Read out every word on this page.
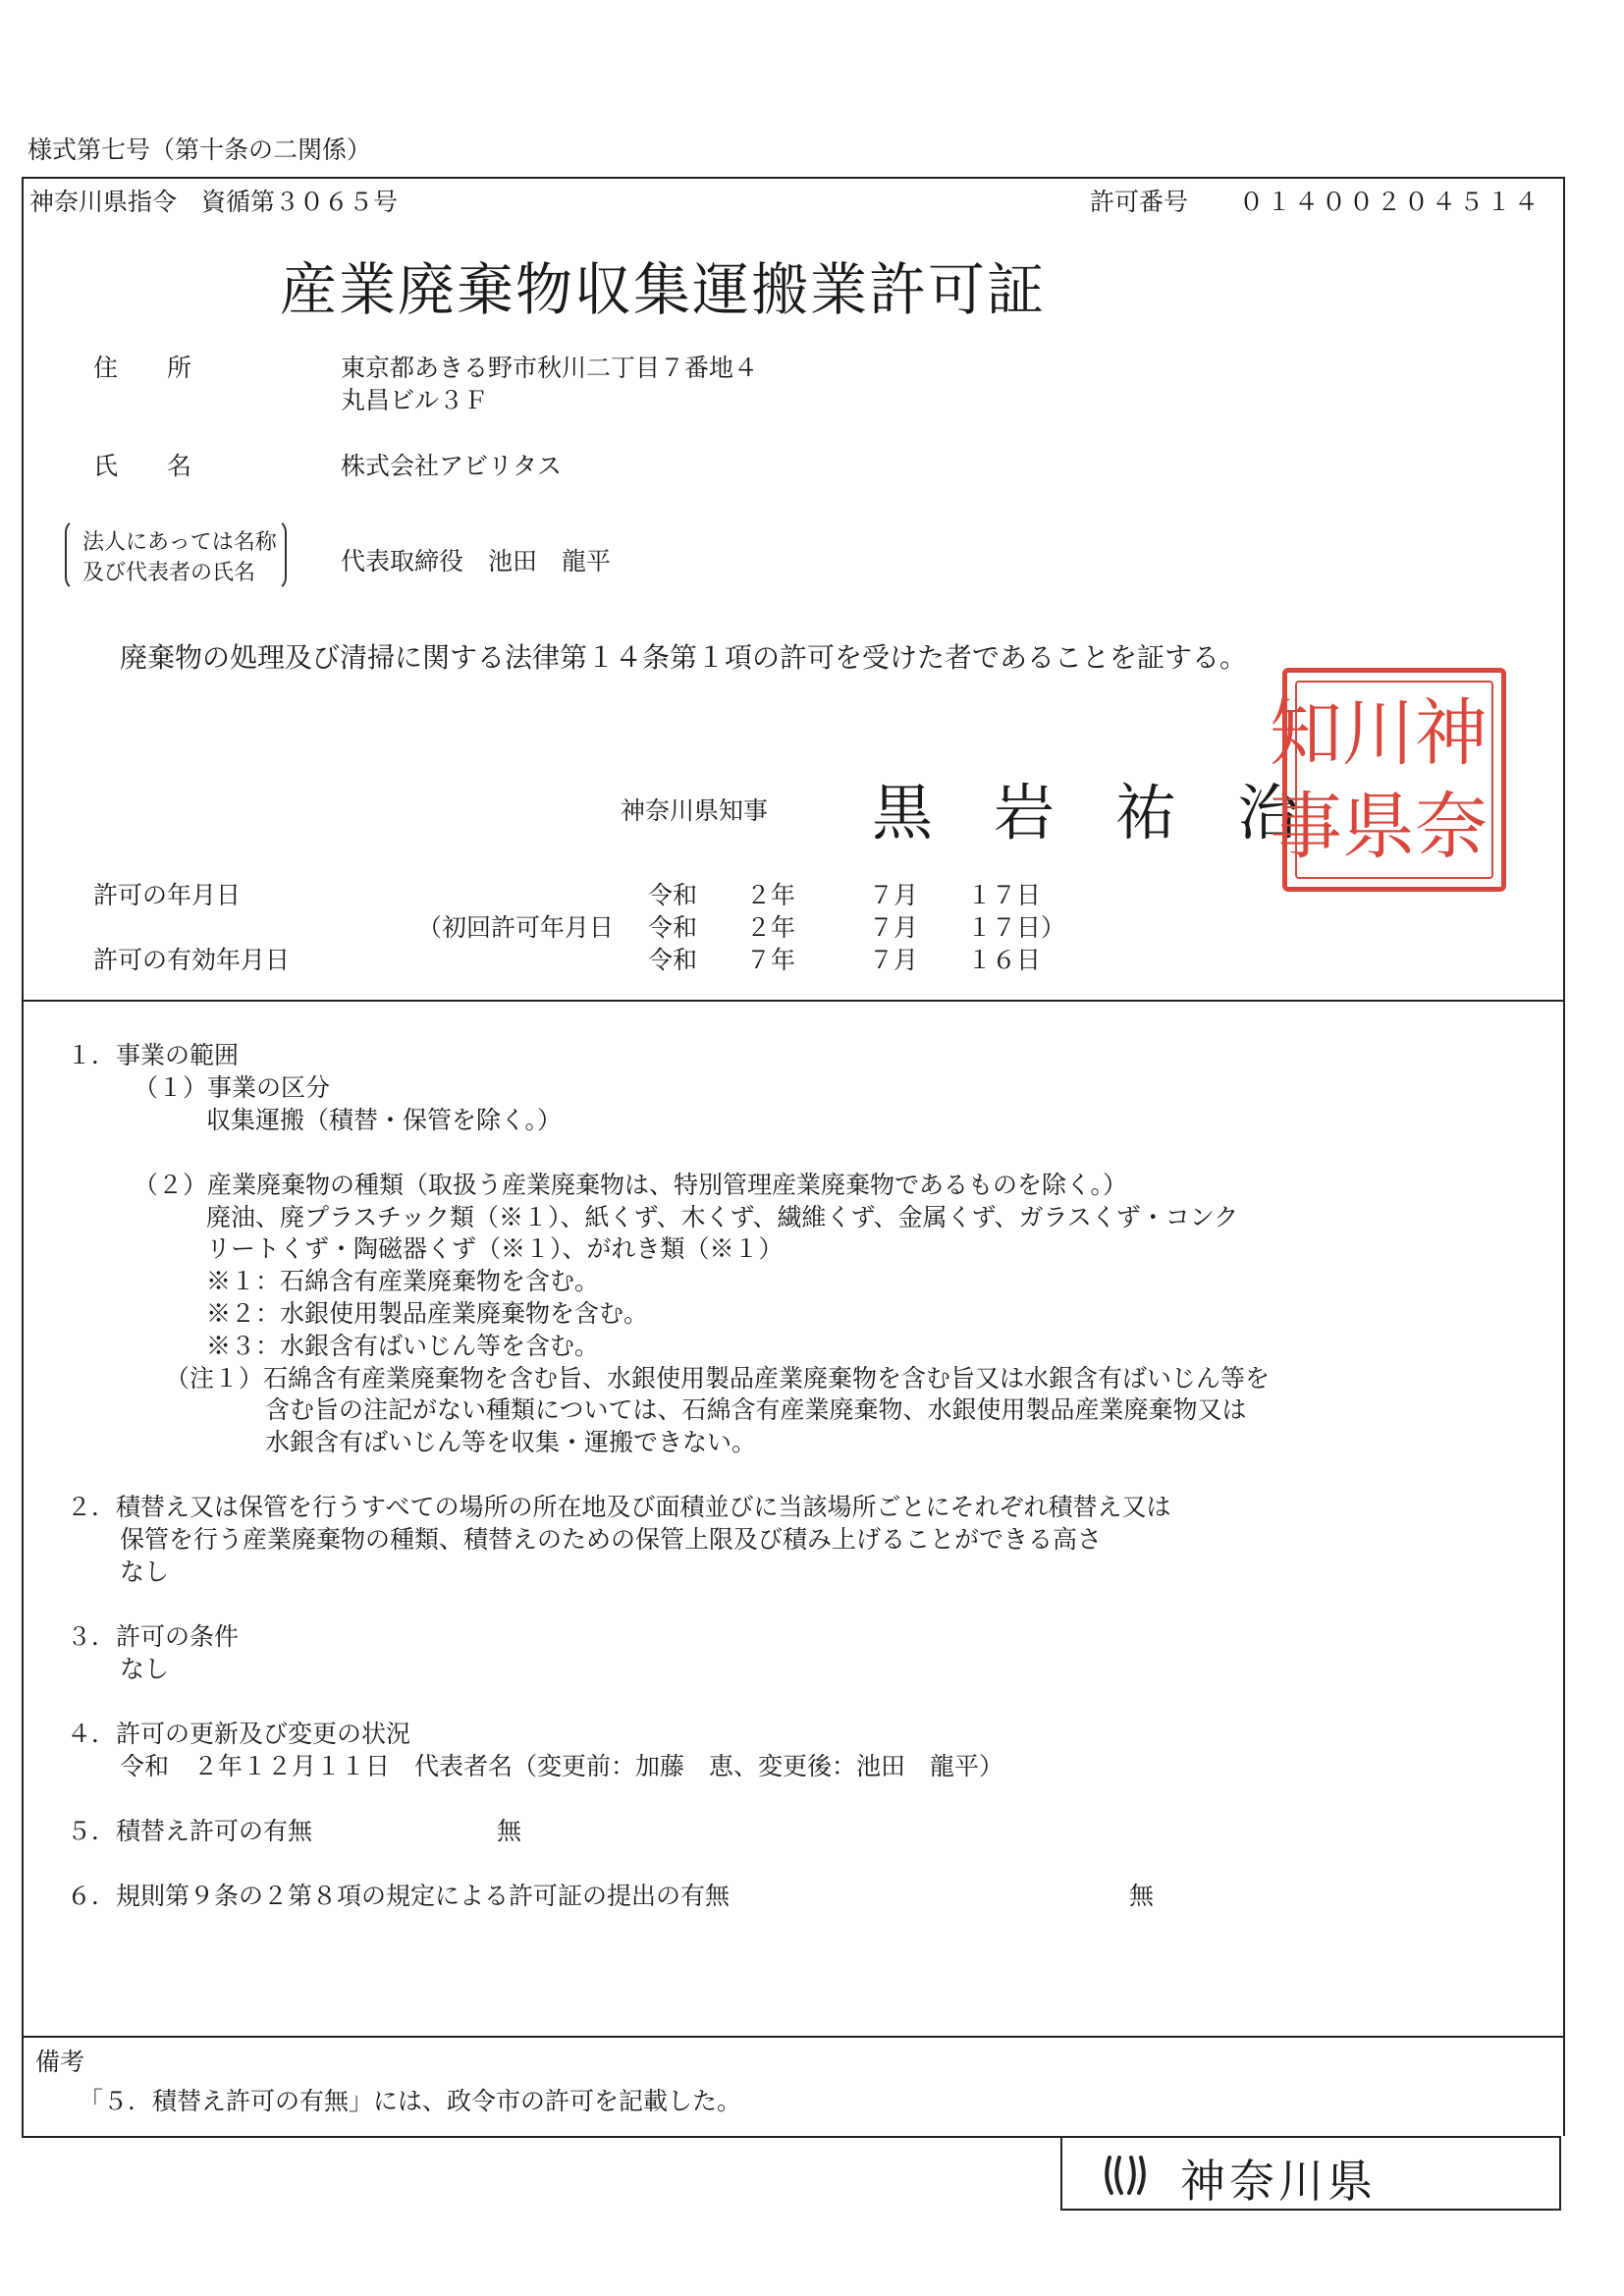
様式第七号（第十条の二関係）
神奈川県指令　資循第３０６５号	許可番号 ０１４００２０４５１４
産業廃棄物収集運搬業許可証
住　　所	東京都あきる野市秋川二丁目７番地４
丸昌ビル３Ｆ
氏　　名	株式会社アビリタス
法人にあっては名称
及び代表者の氏名	代表取締役　池田　龍平
廃棄物の処理及び清掃に関する法律第１４条第１項の許可を受けた者であることを証する。
神奈川県知事 黒　岩　祐　治
神
川
知
奈
県
事
許可の年月日	令和　　２年　　　７月　　１７日
（初回許可年月日 令和　　２年　　　７月　　１７日）
許可の有効年月日	令和　　７年　　　７月　　１６日
１．事業の範囲
（１）事業の区分
収集運搬（積替・保管を除く。）
（２）産業廃棄物の種類（取扱う産業廃棄物は、特別管理産業廃棄物であるものを除く。）
廃油、廃プラスチック類（※１）、紙くず、木くず、繊維くず、金属くず、ガラスくず・コンク
リートくず・陶磁器くず（※１）、がれき類（※１）
※１：石綿含有産業廃棄物を含む。
※２：水銀使用製品産業廃棄物を含む。
※３：水銀含有ばいじん等を含む。
（注１）石綿含有産業廃棄物を含む旨、水銀使用製品産業廃棄物を含む旨又は水銀含有ばいじん等を
含む旨の注記がない種類については、石綿含有産業廃棄物、水銀使用製品産業廃棄物又は
水銀含有ばいじん等を収集・運搬できない。
２．積替え又は保管を行うすべての場所の所在地及び面積並びに当該場所ごとにそれぞれ積替え又は
保管を行う産業廃棄物の種類、積替えのための保管上限及び積み上げることができる高さ
なし
３．許可の条件
なし
４．許可の更新及び変更の状況
令和　２年１２月１１日　代表者名（変更前：加藤　恵、変更後：池田　龍平）
５．積替え許可の有無	無
６．規則第９条の２第８項の規定による許可証の提出の有無	無
備考
「５．積替え許可の有無」には、政令市の許可を記載した。
神奈川県
